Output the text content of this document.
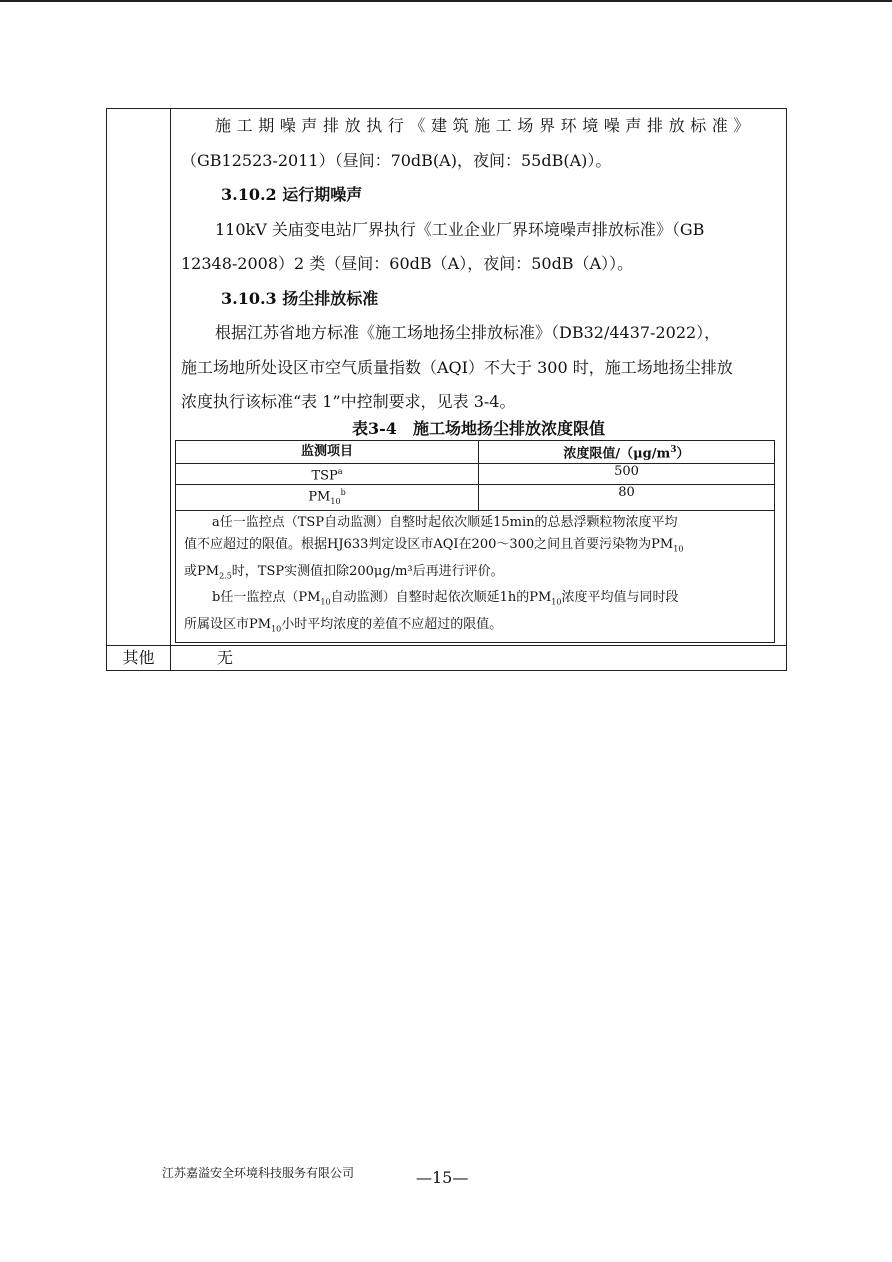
施工期噪声排放执行《建筑施工场界环境噪声排放标准》

（GB12523-2011）（昼间：70dB(A)，夜间：55dB(A)）。

3.10.2 运行期噪声

110kV 关庙变电站厂界执行《工业企业厂界环境噪声排放标准》（GB

12348-2008）2 类（昼间：60dB（A），夜间：50dB（A））。

3.10.3 扬尘排放标准

根据江苏省地方标准《施工场地扬尘排放标准》（DB32/4437-2022），

施工场地所处设区市空气质量指数（AQI）不大于 300 时，施工场地扬尘排放

浓度执行该标准“表 1”中控制要求，见表 3-4。

表3-4　施工场地扬尘排放浓度限值
监测项目	浓度限值$/(\mu g/m^3)$
TSP$^a$	500
$PM_{10}^b$	80

a任一监控点（TSP自动监测）自整时起依次顺延15min的总悬浮颗粒物浓度平均
值不应超过的限值。根据HJ633判定设区市AQI在200～300之间且首要污染物为$PM_{10}$
或$PM_{2.5}$时，TSP实测值扣除200μg/m³后再进行评价。
b任一监控点（$PM_{10}$自动监测）自整时起依次顺延1h的$PM_{10}$浓度平均值与同时段
所属设区市$PM_{10}$小时平均浓度的差值不应超过的限值。

其他	无
江苏嘉溢安全环境科技服务有限公司	—15—
